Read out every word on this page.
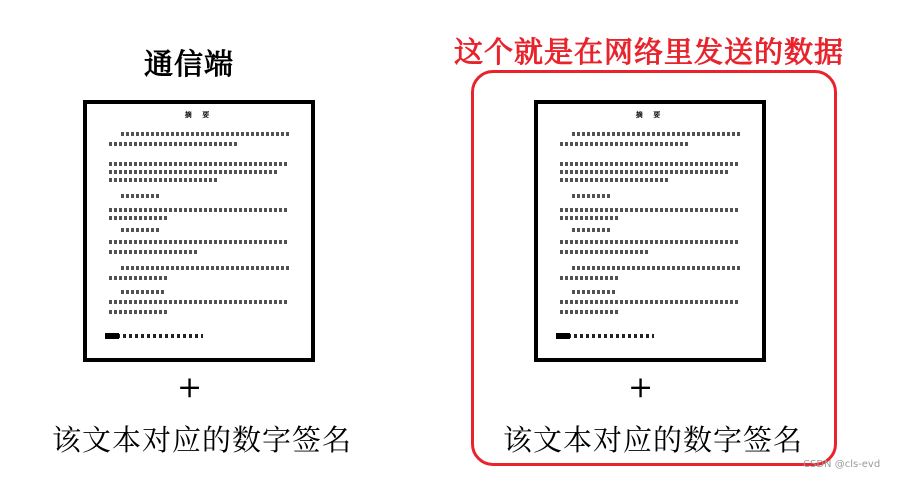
通信端	这个就是在网络里发送的数据
摘 要	摘 要
+	+
该文本对应的数字签名	该文本对应的数字签名
CSDN @cls-evd
